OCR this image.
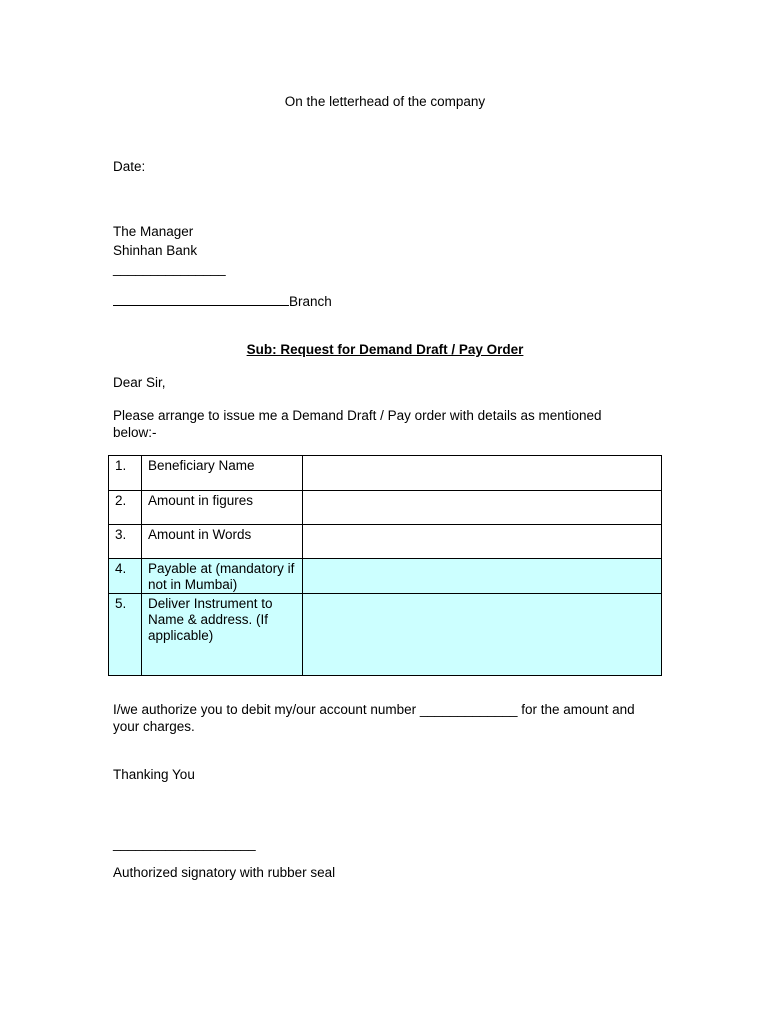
On the letterhead of the company

Date:

The Manager

Shinhan Bank

_______________

Branch

Sub: Request for Demand Draft / Pay Order

Dear Sir,

Please arrange to issue me a Demand Draft / Pay order with details as mentioned below:-

1.	Beneficiary Name	
2.	Amount in figures	
3.	Amount in Words	
4.	Payable at (mandatory if not in Mumbai)	
5.	Deliver Instrument to Name & address. (If applicable)	

I/we authorize you to debit my/our account number _____________ for the amount and your charges.

Thanking You

___________________

Authorized signatory with rubber seal
